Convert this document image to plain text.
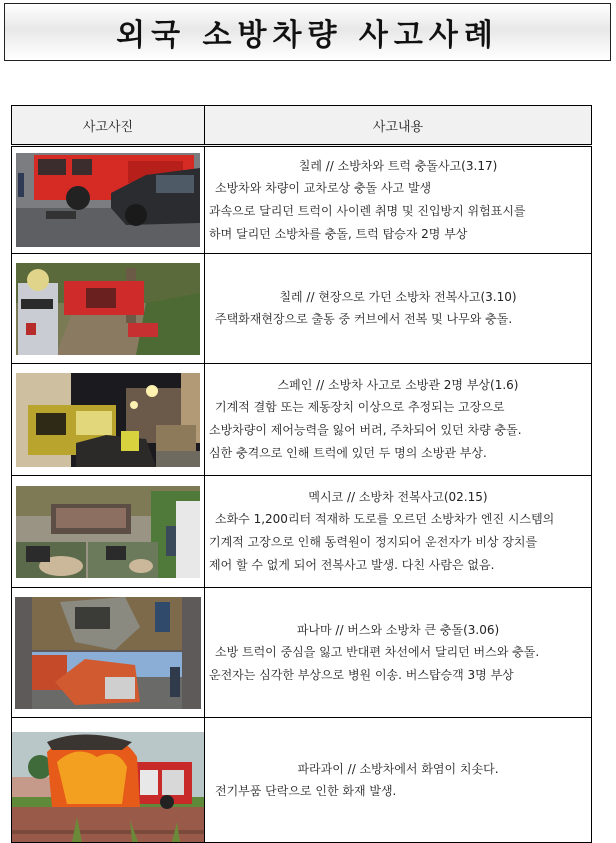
외국 소방차량 사고사례
사고사진	사고내용

칠레 // 소방차와 트럭 충돌사고(3.17)
소방차와 차량이 교차로상 충돌 사고 발생
과속으로 달리던 트럭이 사이렌 취명 및 진입방지 위험표시를
하며 달리던 소방차를 충돌, 트럭 탑승자 2명 부상

칠레 // 현장으로 가던 소방차 전복사고(3.10)
주택화재현장으로 출동 중 커브에서 전복 및 나무와 충돌.

스페인 // 소방차 사고로 소방관 2명 부상(1.6)
기계적 결함 또는 제동장치 이상으로 추정되는 고장으로
소방차량이 제어능력을 잃어 버려, 주차되어 있던 차량 충돌.
심한 충격으로 인해 트럭에 있던 두 명의 소방관 부상.

멕시코 // 소방차 전복사고(02.15)
소화수 1,200리터 적재하 도로를 오르던 소방차가 엔진 시스템의
기계적 고장으로 인해 동력원이 정지되어 운전자가 비상 장치를
제어 할 수 없게 되어 전복사고 발생. 다친 사람은 없음.

파나마 // 버스와 소방차 큰 충돌(3.06)
소방 트럭이 중심을 잃고 반대편 차선에서 달리던 버스와 충돌.
운전자는 심각한 부상으로 병원 이송. 버스탑승객 3명 부상

파라과이 // 소방차에서 화염이 치솟다.
전기부품 단락으로 인한 화재 발생.
